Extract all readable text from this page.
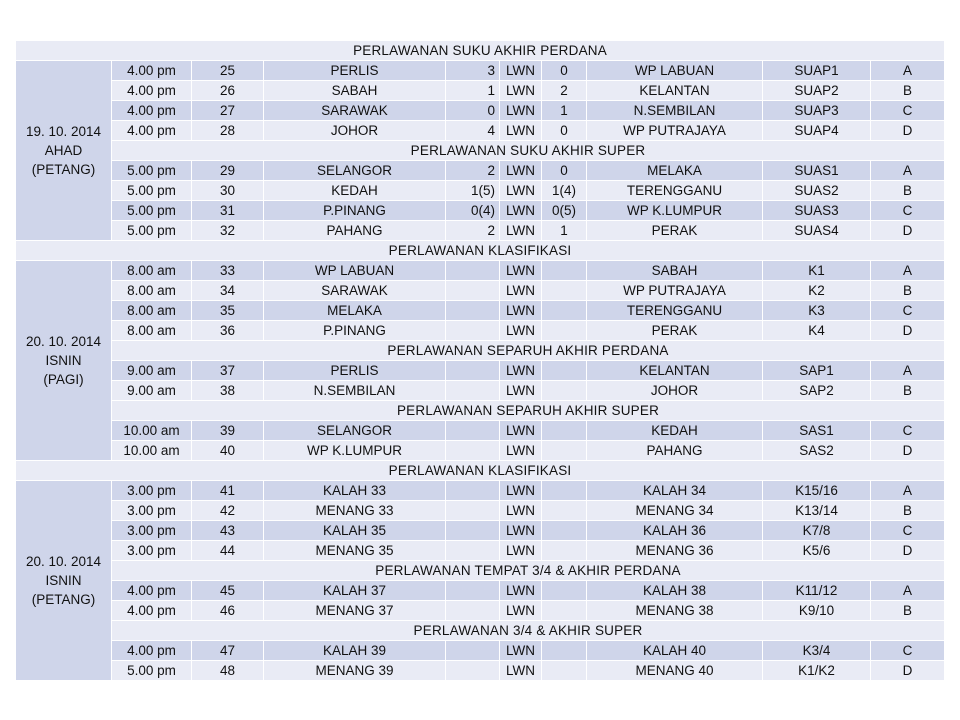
PERLAWANAN SUKU AKHIR PERDANA									

19. 10. 2014
AHAD
(PETANG)	4.00 pm	25	PERLIS	3	LWN	0	WP LABUAN	SUAP1	A
	4.00 pm	26	SABAH	1	LWN	2	KELANTAN	SUAP2	B
	4.00 pm	27	SARAWAK	0	LWN	1	N.SEMBILAN	SUAP3	C
	4.00 pm	28	JOHOR	4	LWN	0	WP PUTRAJAYA	SUAP4	D
	PERLAWANAN SUKU AKHIR SUPER								
	5.00 pm	29	SELANGOR	2	LWN	0	MELAKA	SUAS1	A
	5.00 pm	30	KEDAH	1(5)	LWN	1(4)	TERENGGANU	SUAS2	B
	5.00 pm	31	P.PINANG	0(4)	LWN	0(5)	WP K.LUMPUR	SUAS3	C
	5.00 pm	32	PAHANG	2	LWN	1	PERAK	SUAS4	D
PERLAWANAN KLASIFIKASI									

20. 10. 2014
ISNIN
(PAGI)	8.00 am	33	WP LABUAN		LWN		SABAH	K1	A
	8.00 am	34	SARAWAK		LWN		WP PUTRAJAYA	K2	B
	8.00 am	35	MELAKA		LWN		TERENGGANU	K3	C
	8.00 am	36	P.PINANG		LWN		PERAK	K4	D
	PERLAWANAN SEPARUH AKHIR PERDANA								
	9.00 am	37	PERLIS		LWN		KELANTAN	SAP1	A
	9.00 am	38	N.SEMBILAN		LWN		JOHOR	SAP2	B
	PERLAWANAN SEPARUH AKHIR SUPER								
	10.00 am	39	SELANGOR		LWN		KEDAH	SAS1	C
	10.00 am	40	WP K.LUMPUR		LWN		PAHANG	SAS2	D
PERLAWANAN KLASIFIKASI									

20. 10. 2014
ISNIN
(PETANG)	3.00 pm	41	KALAH 33		LWN		KALAH 34	K15/16	A
	3.00 pm	42	MENANG 33		LWN		MENANG 34	K13/14	B
	3.00 pm	43	KALAH 35		LWN		KALAH 36	K7/8	C
	3.00 pm	44	MENANG 35		LWN		MENANG 36	K5/6	D
	PERLAWANAN TEMPAT 3/4 & AKHIR PERDANA								
	4.00 pm	45	KALAH 37		LWN		KALAH 38	K11/12	A
	4.00 pm	46	MENANG 37		LWN		MENANG 38	K9/10	B
	PERLAWANAN 3/4 & AKHIR SUPER								
	4.00 pm	47	KALAH 39		LWN		KALAH 40	K3/4	C
	5.00 pm	48	MENANG 39		LWN		MENANG 40	K1/K2	D
